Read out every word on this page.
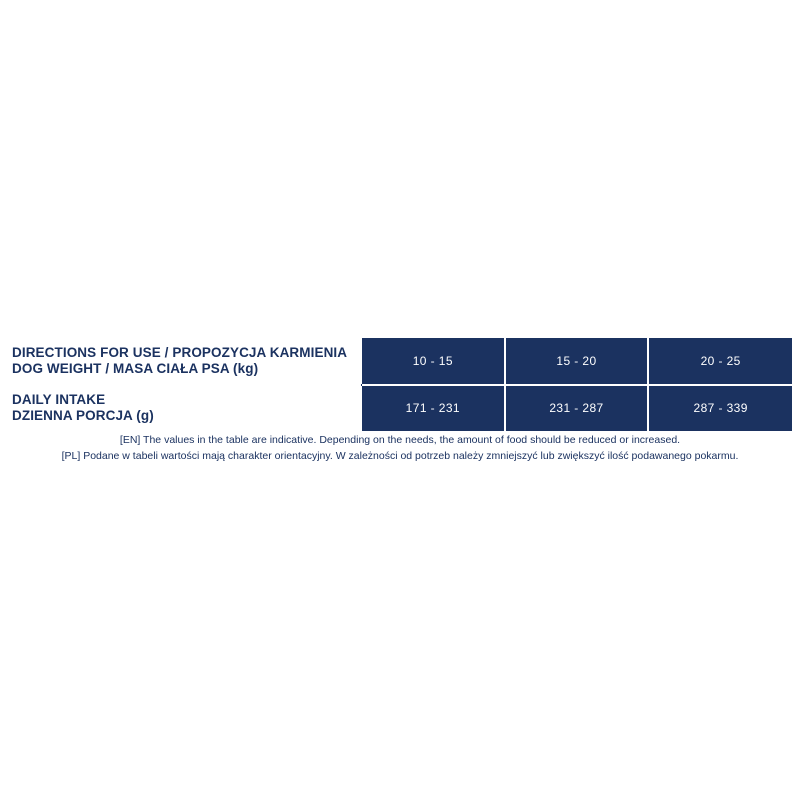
DIRECTIONS FOR USE / PROPOZYCJA KARMIENIA
DOG WEIGHT / MASA CIAŁA PSA (kg)	10 - 15	15 - 20	20 - 25
DAILY INTAKE
DZIENNA PORCJA (g)	171 - 231	231 - 287	287 - 339
[EN] The values in the table are indicative. Depending on the needs, the amount of food should be reduced or increased.
[PL] Podane w tabeli wartości mają charakter orientacyjny. W zależności od potrzeb należy zmniejszyć lub zwiększyć ilość podawanego pokarmu.
